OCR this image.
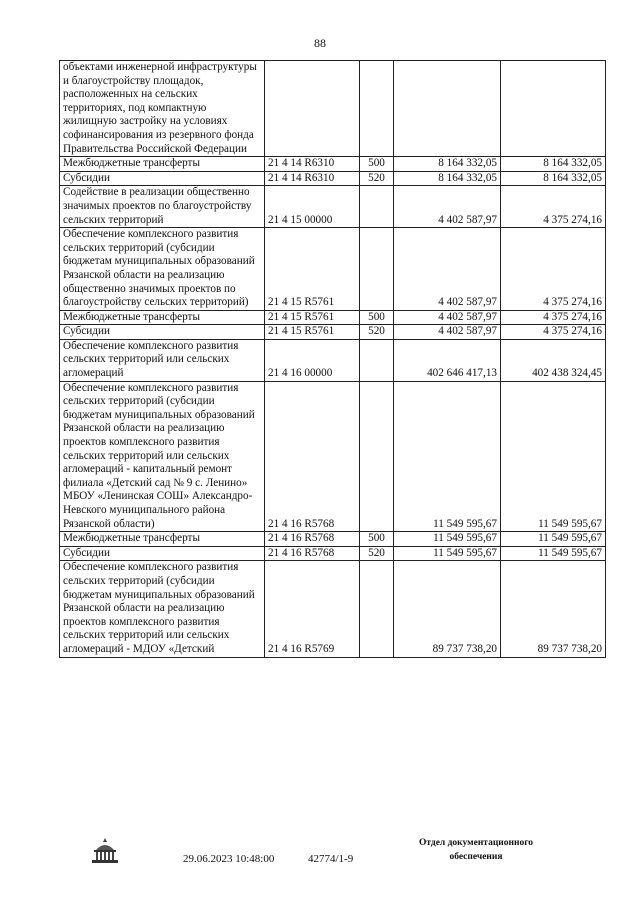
88
объектами инженерной инфраструктуры и благоустройству площадок, расположенных на сельских территориях, под компактную жилищную застройку на условиях софинансирования из резервного фонда Правительства Российской Федерации				
Межбюджетные трансферты	21 4 14 R6310	500	8 164 332,05	8 164 332,05
Субсидии	21 4 14 R6310	520	8 164 332,05	8 164 332,05
Содействие в реализации общественно значимых проектов по благоустройству сельских территорий	21 4 15 00000		4 402 587,97	4 375 274,16
Обеспечение комплексного развития сельских территорий (субсидии бюджетам муниципальных образований Рязанской области на реализацию общественно значимых проектов по благоустройству сельских территорий)	21 4 15 R5761		4 402 587,97	4 375 274,16
Межбюджетные трансферты	21 4 15 R5761	500	4 402 587,97	4 375 274,16
Субсидии	21 4 15 R5761	520	4 402 587,97	4 375 274,16
Обеспечение комплексного развития сельских территорий или сельских агломераций	21 4 16 00000		402 646 417,13	402 438 324,45
Обеспечение комплексного развития сельских территорий (субсидии бюджетам муниципальных образований Рязанской области на реализацию проектов комплексного развития сельских территорий или сельских агломераций - капитальный ремонт филиала «Детский сад № 9 с. Ленино» МБОУ «Ленинская СОШ» Александро-Невского муниципального района Рязанской области)	21 4 16 R5768		11 549 595,67	11 549 595,67
Межбюджетные трансферты	21 4 16 R5768	500	11 549 595,67	11 549 595,67
Субсидии	21 4 16 R5768	520	11 549 595,67	11 549 595,67
Обеспечение комплексного развития сельских территорий (субсидии бюджетам муниципальных образований Рязанской области на реализацию проектов комплексного развития сельских территорий или сельских агломераций - МДОУ «Детский	21 4 16 R5769		89 737 738,20	89 737 738,20
Отдел документационного
обеспечения
29.06.2023 10:48:00	42774/1-9
